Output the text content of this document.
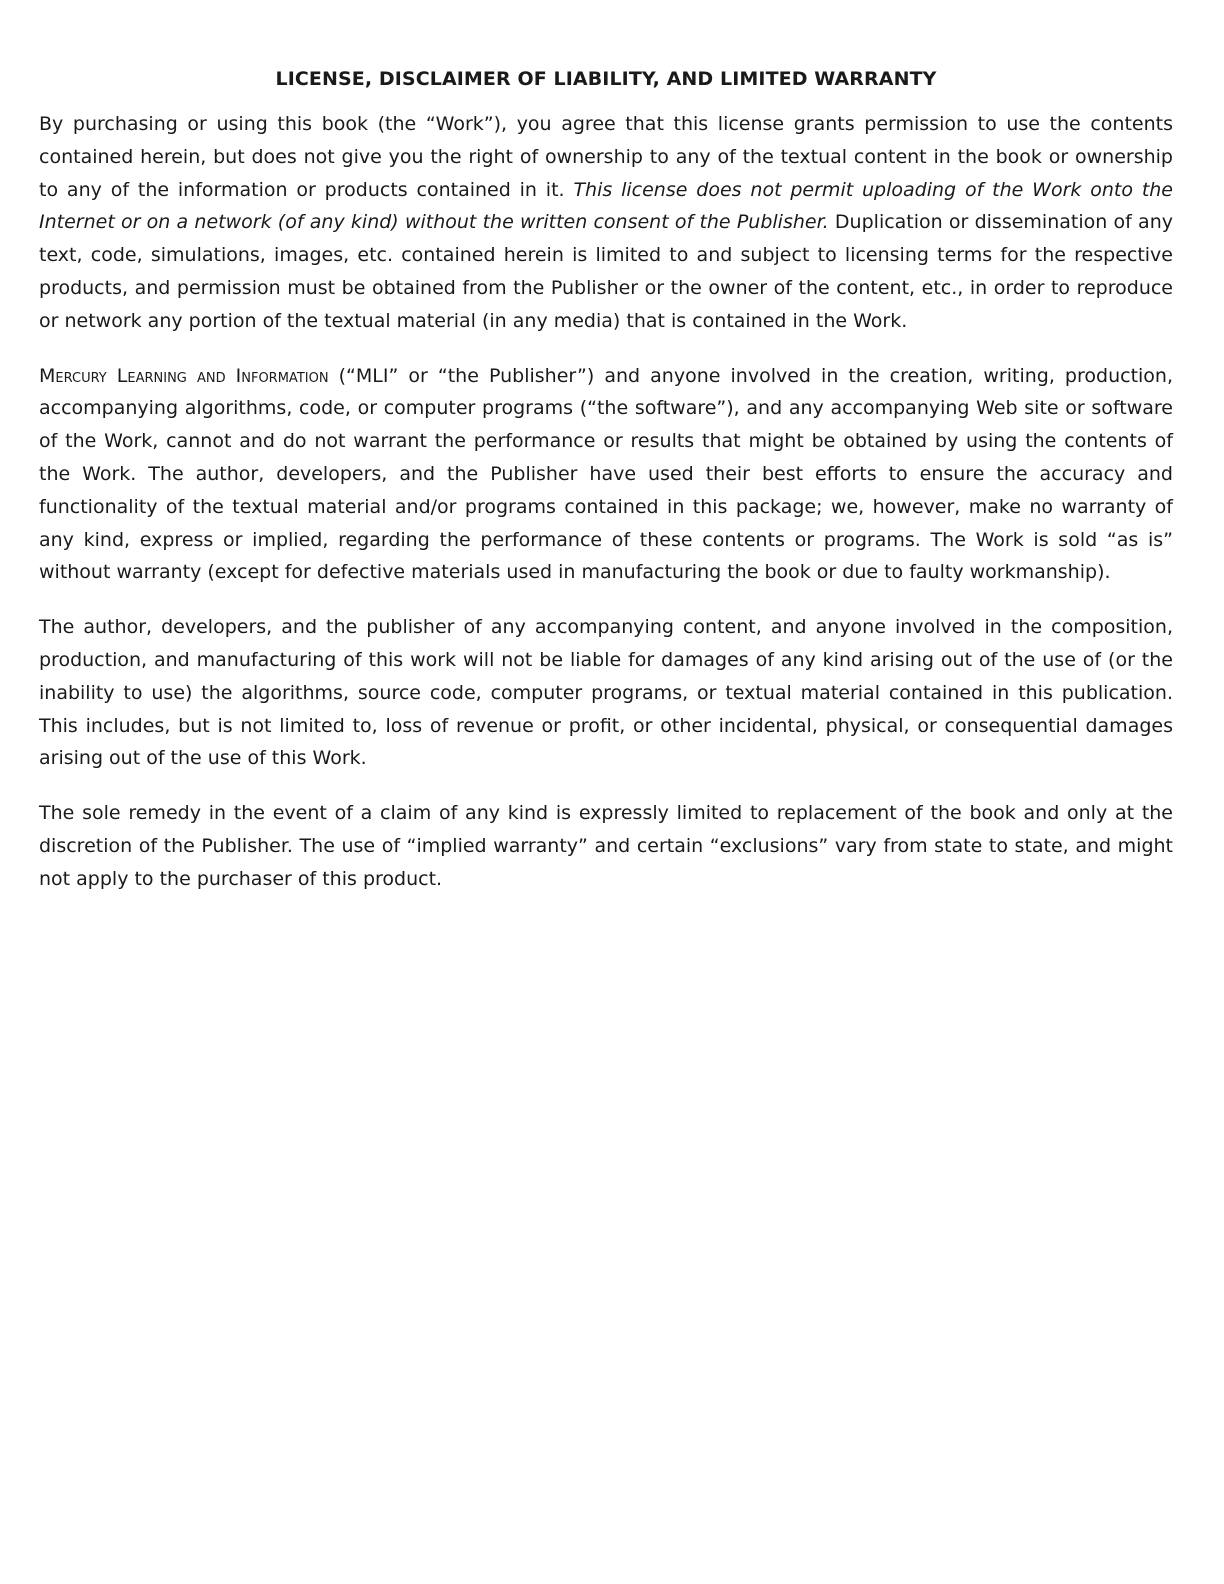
LICENSE, DISCLAIMER OF LIABILITY, AND LIMITED WARRANTY

By purchasing or using this book (the “Work”), you agree that this license grants permission to use the contents contained herein, but does not give you the right of ownership to any of the textual content in the book or ownership to any of the information or products contained in it. This license does not permit uploading of the Work onto the Internet or on a network (of any kind) without the written consent of the Publisher. Duplication or dissemination of any text, code, simulations, images, etc. contained herein is limited to and subject to licensing terms for the respective products, and permission must be obtained from the Publisher or the owner of the content, etc., in order to reproduce or network any portion of the textual material (in any media) that is contained in the Work.

Mercury Learning and Information (“MLI” or “the Publisher”) and anyone involved in the creation, writing, production, accompanying algorithms, code, or computer programs (“the software”), and any accompanying Web site or software of the Work, cannot and do not warrant the performance or results that might be obtained by using the contents of the Work. The author, developers, and the Publisher have used their best efforts to ensure the accuracy and functionality of the textual material and/or programs contained in this package; we, however, make no warranty of any kind, express or implied, regarding the performance of these contents or programs. The Work is sold “as is” without warranty (except for defective materials used in manufacturing the book or due to faulty workmanship).

The author, developers, and the publisher of any accompanying content, and anyone involved in the composition, production, and manufacturing of this work will not be liable for damages of any kind arising out of the use of (or the inability to use) the algorithms, source code, computer programs, or textual material contained in this publication. This includes, but is not limited to, loss of revenue or profit, or other incidental, physical, or consequential damages arising out of the use of this Work.

The sole remedy in the event of a claim of any kind is expressly limited to replacement of the book and only at the discretion of the Publisher. The use of “implied warranty” and certain “exclusions” vary from state to state, and might not apply to the purchaser of this product.
